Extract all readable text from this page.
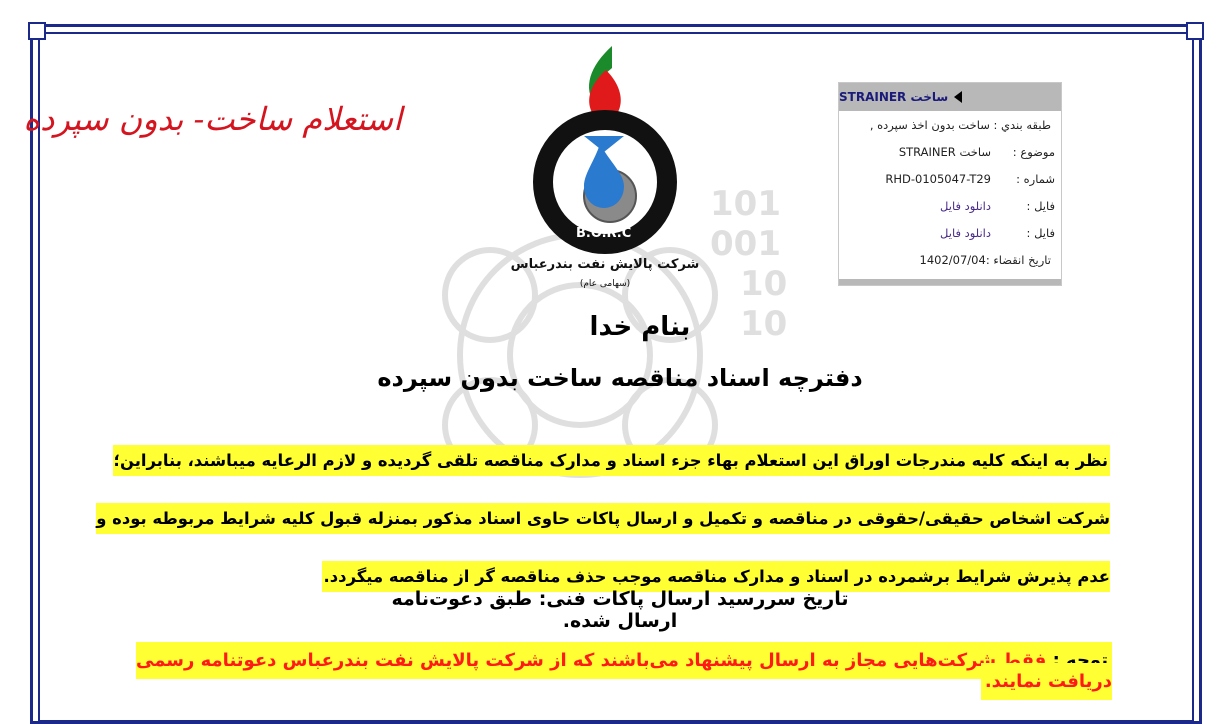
101
001
10
10
استعلام ساخت- بدون سپرده
B.O.R.C
شرکت پالایش نفت بندرعباس
(سهامی عام)
ساخت STRAINER
طبقه بندي : ساخت بدون اخذ سپرده ,
موضوع :
ساخت STRAINER
شماره :
RHD-0105047-T29
فایل :
دانلود فایل
فایل :
دانلود فایل
تاریخ انقضاء :1402/07/04
بنام خدا
دفترچه اسناد مناقصه ساخت بدون سپرده
نظر به اینکه کلیه مندرجات اوراق این استعلام بهاء جزء اسناد و مدارک مناقصه تلقی گردیده و لازم الرعایه میباشند، بنابراین؛ شرکت اشخاص حقیقی/حقوقی در مناقصه و تکمیل و ارسال پاکات حاوی اسناد مذکور بمنزله قبول کلیه شرایط مربوطه بوده و عدم پذیرش شرایط برشمرده در اسناد و مدارک مناقصه موجب حذف مناقصه گر از مناقصه میگردد.
تاریخ سررسید ارسال پاکات فنی: طبق دعوت‌نامه ارسال شده.
توجه : فقط شرکت‌هایی مجاز به ارسال پیشنهاد می‌باشند که از شرکت پالایش نفت بندرعباس دعوتنامه رسمی دریافت نمایند.
